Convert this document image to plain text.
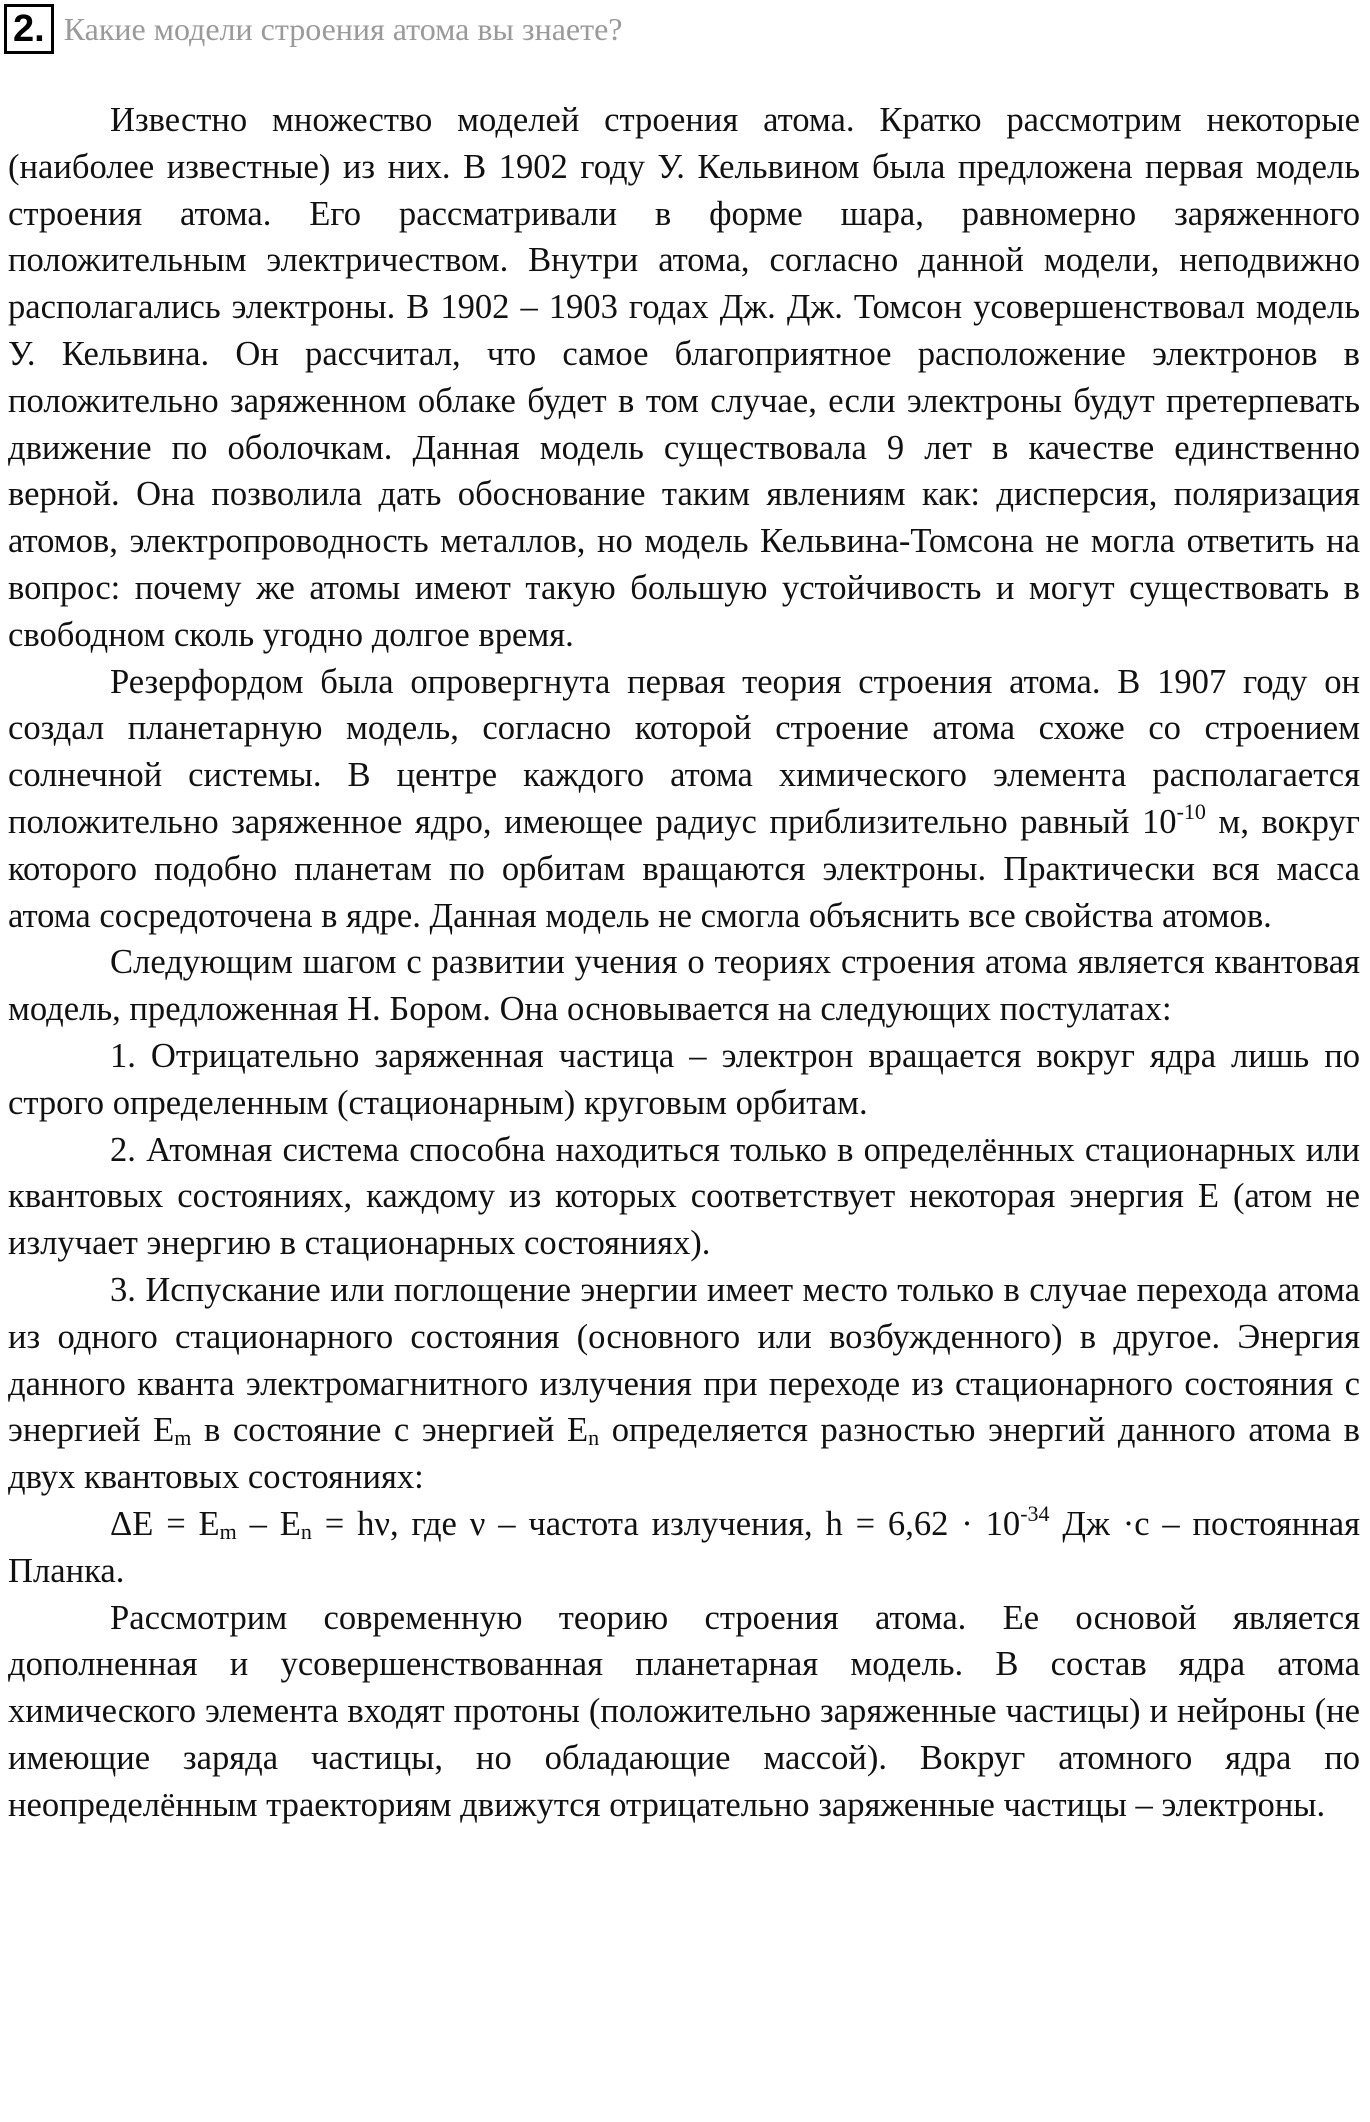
2. Какие модели строения атома вы знаете?

Известно множество моделей строения атома. Кратко рассмотрим некоторые (наиболее известные) из них. В 1902 году У. Кельвином была предложена первая модель строения атома. Его рассматривали в форме шара, равномерно заряженного положительным электричеством. Внутри атома, согласно данной модели, неподвижно располагались электроны. В 1902 – 1903 годах Дж. Дж. Томсон усовершенствовал модель У. Кельвина. Он рассчитал, что самое благоприятное расположение электронов в положительно заряженном облаке будет в том случае, если электроны будут претерпевать движение по оболочкам. Данная модель существовала 9 лет в качестве единственно верной. Она позволила дать обоснование таким явлениям как: дисперсия, поляризация атомов, электропроводность металлов, но модель Кельвина-Томсона не могла ответить на вопрос: почему же атомы имеют такую большую устойчивость и могут существовать в свободном сколь угодно долгое время.

Резерфордом была опровергнута первая теория строения атома. В 1907 году он создал планетарную модель, согласно которой строение атома схоже со строением солнечной системы. В центре каждого атома химического элемента располагается положительно заряженное ядро, имеющее радиус приблизительно равный $10^{-10}$ м, вокруг которого подобно планетам по орбитам вращаются электроны. Практически вся масса атома сосредоточена в ядре. Данная модель не смогла объяснить все свойства атомов.

Следующим шагом с развитии учения о теориях строения атома является квантовая модель, предложенная Н. Бором. Она основывается на следующих постулатах:

1. Отрицательно заряженная частица – электрон вращается вокруг ядра лишь по строго определенным (стационарным) круговым орбитам.

2. Атомная система способна находиться только в определённых стационарных или квантовых состояниях, каждому из которых соответствует некоторая энергия Е (атом не излучает энергию в стационарных состояниях).

3. Испускание или поглощение энергии имеет место только в случае перехода атома из одного стационарного состояния (основного или возбужденного) в другое. Энергия данного кванта электромагнитного излучения при переходе из стационарного состояния с энергией $Е_m$ в состояние с энергией $Е_n$ определяется разностью энергий данного атома в двух квантовых состояниях:

$\Delta Е = Е_m - Е_n = h\nu$, где ν – частота излучения, $h = 6,62 \cdot 10^{-34}$ Дж ·с – постоянная Планка.

Рассмотрим современную теорию строения атома. Ее основой является дополненная и усовершенствованная планетарная модель. В состав ядра атома химического элемента входят протоны (положительно заряженные частицы) и нейроны (не имеющие заряда частицы, но обладающие массой). Вокруг атомного ядра по неопределённым траекториям движутся отрицательно заряженные частицы – электроны.
